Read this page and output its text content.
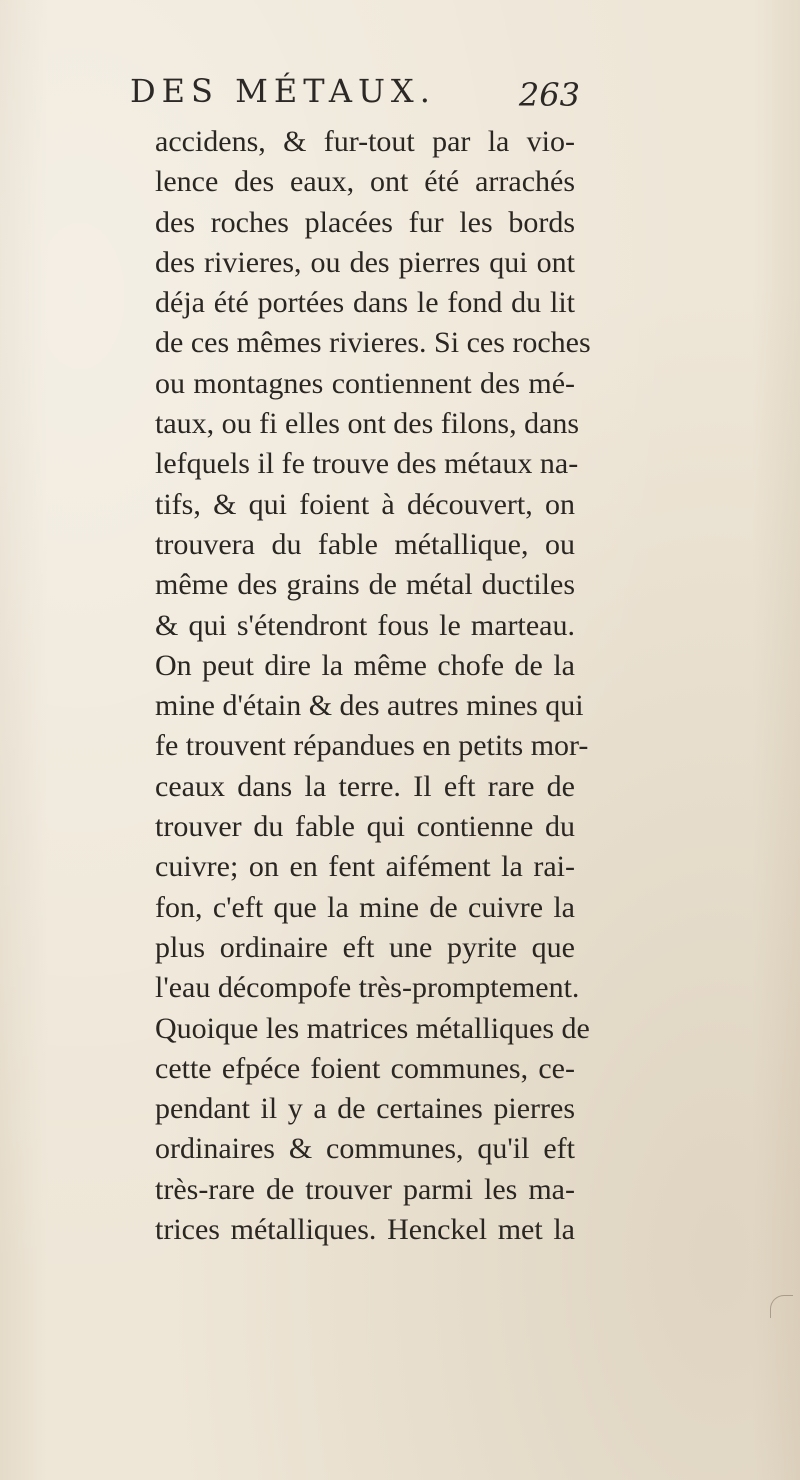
DES MÉTAUX.	263
accidens, & fur-tout par la vio-
lence des eaux, ont été arrachés
des roches placées fur les bords
des rivieres, ou des pierres qui ont
déja été portées dans le fond du lit
de ces mêmes rivieres. Si ces roches
ou montagnes contiennent des mé-
taux, ou fi elles ont des filons, dans
lefquels il fe trouve des métaux na-
tifs, & qui foient à découvert, on
trouvera du fable métallique, ou
même des grains de métal ductiles
& qui s'étendront fous le marteau.
On peut dire la même chofe de la
mine d'étain & des autres mines qui
fe trouvent répandues en petits mor-
ceaux dans la terre. Il eft rare de
trouver du fable qui contienne du
cuivre; on en fent aifément la rai-
fon, c'eft que la mine de cuivre la
plus ordinaire eft une pyrite que
l'eau décompofe très-promptement.
Quoique les matrices métalliques de
cette efpéce foient communes, ce-
pendant il y a de certaines pierres
ordinaires & communes, qu'il eft
très-rare de trouver parmi les ma-
trices métalliques. Henckel met la
